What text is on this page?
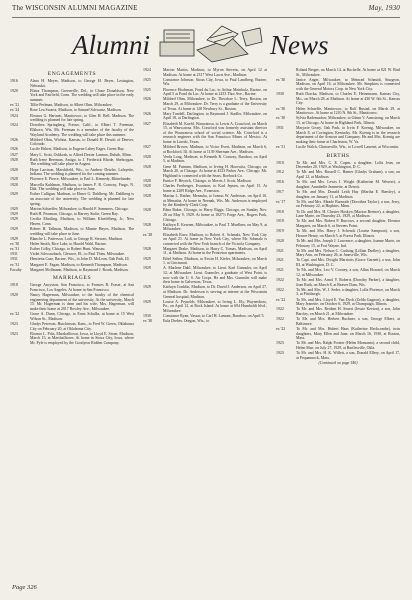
The WISCONSIN ALUMNI MAGAZINE	May, 1930
Alumni	News
ENGAGEMENTS
1916	Alma H. Meyer, Madison, to George H. Beyer, Lexington, Nebraska.
1920	Elinor Thompson, Greenville, Del., to Chase Donaldson, New York and Fairfield, Conn. The wedding will take place in the early summer.
ex '21	Tillie Perlman, Madison, to Albert Ohm, Milwaukee.
ex '24	Rose Lea Swartz, Madison, to Samuel Schwartz, Madison.
1924	Eleanor G. Hartnett, Manitowoc, to Glen H. Bell, Madison. The wedding is planned for late spring.
1924	Dorothea Springberg, Fresno, Calif., to Elbert T. Freeman, Elkhorn, Wis. Mr. Freeman is a member of the faculty of the Wayland Academy. The wedding will take place this summer.
1926	Mildred Obin, Wichita, Kansas, to Donald H. Dewitt of Denver, Colorado.
1926	Lucile Ebbert, Madison, to Eugene Labey Eager, Green Bay.
1927	Mary L. Scott, Oshkosh, to Alfred Dexter Lannon, Duluth, Minn.
1928	Ruth Irene Beerman, Antigo, to J. Frederick Rhode, Sheboygan. The wedding will take place in August.
1928	Hope Larrison, Marshfield, Wis., to Andrew Detzler, Lafayette, Indiana. The wedding is planned for the coming summer.
1928	Florence E. Pierce, Milwaukee, to Earl L. Kennedy, Rhinelander.
1928	Marcella Kuhlman, Madison, to James F. R. Conway, Fargo, N. Dak. The wedding will take place in June.
1929	Esther Culligan, Madison, to Elmer G. Dahlberg. Mr. Dahlberg is an associate of the university. The wedding is planned for late spring.
1929	Marion Schaeffer, Milwaukee, to Harold F. Sommers, Chicago.
1929	Ruth H. Pearman, Chicago, to Harvey Stolte, Green Bay.
1929	Cecilia Martling, Madison, to William Kloefelberg, Jr., New Haven, Conn.
1929	Robert H. Tallman, Madison, to Minnie Hayes, Madison. The wedding will take place in June.
1929	Blanche L. Patterson, Lodi, to George R. Stewart, Madison.
ex '30	Helen Smith, Rice Lake, to Harold Wahl, Racine.
ex '31	Esther Colby, Chicago, to Robert Hunt, Wausau.
1931	Violet Schwarzbach, Glencoe, Ill., to Paul Thim, Milwaukee.
1931	Henrietta Case, Racine, Wis., to John D. McLean, Oak Park, Ill.
ex '31	Margaret E. Fagan, Madison, to Kenneth Thompson, Madison.
Faculty Margaret Mollmann, Madison, to Raymond J. Roark, Madison.
MARRIAGES
1918	George Ancyston, San Francisco, to Frances B. Fraser, at San Francisco, Los Angeles. At home in San Francisco.
1920	Nancy Hagerman, Milwaukee, to the faculty of the chemical engineering department of the university. At the university, March 15. Mr. Hagerman is dean and his wife, Mrs. Hagerman, will make their home at 2017 Rowley Ave., Milwaukee.
ex '22	Grace A. Dunn, Chicago, to Ernst Schalks, at home at 15 West Wilson St., Madison.
1923	Gladys Peterson, Hutchinson, Kans., to Fred W. Green, Oklahoma City on February 20, at Oklahoma City.
1923	Eleanor L. Pitts, Marshalltown, Iowa, to Lloyd E. Stone, Madison, March 15, at Marshalltown. At home in Sioux City, Iowa, where Mr. Pyle is employed by the Goodyear Rubber Company.
1924	Marion Martin, Madison, to Myron Stevens, on April 12 at Madison. At home at 2317 West Lawn Ave., Madison.
1925	Constance Johnson, Sioux City, Iowa, to Paul Landberg, Racine, Wis.
1925	Florence Hochman, Fond du Lac, to Arthur Meinholz, Racine, on April 5 at Fond du Lac. At home at 2433 Thor Ave., Racine.
1926	Mildred Ohm, Milwaukee, to Dr. Theodore L. Terry, Boston, on March 29, at Milwaukee. Dr. Terry is a graduate of the University of Texas. At home at 128 Newbury St., Boston.
1926	Mary Tondell, Darlington, to Raymond J. Stadler, Milwaukee, on April 18, at Darlington.
1927	Elizabeth M. Kuehl, Wauwatosa, to Lewis A. Crawford, on March 15, at Wauwatosa. Mrs. Crawford was formerly assistant director of the Wauwatosa school of social science. Mr. Crawford is a research engineer with the San Francisco Mines of Mexico. At home in Laredo, Texas.
1927	Mildred Brown, Madison, to Victor Evert, Madison, on March 6, at Rockford, Ill. At home at 1139 Sherman Ave., Madison.
1928	Verda Long, Madison, to Kenneth R. Conway, Baraboo, on April 5, at Madison.
1928	Gene M. Putnam, Madison, to Irving H. Horowitz, Chicago, on March 20, at Chicago. At home at 4523 Parker Ave., Chicago. Mr. Highland is connected with the Sears, Roebuck Co.
1928	Eunice F. Heyrick, Chicago, to Morris J. Scott, Madison.
1928	Charles Freiberger, Evanston, to Karl Jepsen, on April 15. At home at 2209 Ridge Ave., Evanston.
1928	Marian L. Rather, Menasha, to Ivanus W. Anderson, on April 10, at Menasha. At home in Neenah, Wis. Mr. Anderson is employed by the Kimberly-Clark Corp.
1928	Edna Baker, Chicago, to Harry Riggs, Chicago, on Sunday Nov. 26 on May 9, 1929. At home at 1827½ Forge Ave., Rogers Park, Chicago.
1928	Kathryn E. Kerzner, Milwaukee, to Paul T. Muellner, on May 9, at Milwaukee.
ex '28	Elizabeth Eiser, Madison, to Robert A. Schmalz, New York City on April 21. At home in New York City, where Mr. Schmalz is connected with the New York branch of the Victrola Company.
1928	Margaret Drake, Madison, to Harry C. Tomas, Madison, on April 11, at Madison. At home in the Princeton apartments.
1929	Ethel Seiber, Madison, to Erwin H. Kiefer, Milwaukee, on March 1, at Cincinnati.
1929	A. Marlene Dahl, Milwaukee, to Lieut. Karl Gunnsler, on April 12, at Milwaukee. Lieut. Gunnsler, a graduate of West Point, is now with the U. S. Air Corps. He and Mrs. Gunnsler will make their home in Galveston, Texas.
1929	Kathryn Conklin, Madison, to Dr. David J. Anderson, on April 27, at Madison. Dr. Anderson is serving as interne at the Wisconsin General hospital, Madison.
1929	Louise A. Prynolds, Milwaukee, to Irving L. Ely, Waynesboro, Pa., on April 12, at Rock Island. At home at 694 Humboldt blvd., Milwaukee.
1930	Constance Ryan, Vassar, to Carl H. Lamont, Baraboo, on April 5.
ex '30	Eula Dreher, Oregon, Wis., to
Roland Berger, on March 14, at Rochelle. At home at 821 W. Bird St., Milwaukee.
ex '30	Janice Anger, Milwaukee, to Meinrad Schmidt, Sturgeon, Madison, on April 16, at Milwaukee. Mr. Simpkins is connected with the General Motors Corp. in New York City.
1930	Ruth Dracka, Madison, to Charles E. Heinemann, Kansas City, Mo., on March 28, at Madison. At home at 430 W. 6th St., Kansas City.
ex '30	Helen Schueffe, Manitowoc, to Rolf Bustad, on March 29, at Manitowoc. At home at 1210 N. 8th St., Manitowoc.
ex '30	Sylvia Rademacher, Milwaukee, to Glenn V. Armstrong, on March 15, at Chicago. At home in Highland Park, Illinois.
1931	Marjorie Geary, Oak Park, to Irvin F. Koenig, Milwaukee, on March 8, at Covington, Kentucky. Mr. Koenig is in the research department of the Armour and Company. He and Mrs. Koenig are making their home at Charleston, W. Va.
ex '31	Lucile Walch, Clintonville, Wis., to Lowell Laurent, at Wisconsin.
BIRTHS
1910	To Mr. and Mrs. C. E. Capen, a daughter, Lolla Jean, on December 20, 1929, at Washington, D. C.
1912	To Mr. and Mrs. Russell C. Hamer (Gladys Graham), a son, on April 12, at Madison.
1916	To Mr. and Mrs. Lewis J. Wright (Katherine M. Weaver), a daughter, Annabelle Jeannette, at Detroit.
1917	To Mr. and Mrs. Donald Leith Hay (Martha E. Baesley), a daughter, on January 11, at Madison.
ex '17	To Mr. and Mrs. Meade Burnside (Dorothea Taylor), a son, Jerry, on February 22, at Hopkins, Minn.
1918	To Dr. and Mrs. H. Chester Hoskyn (Marion Breiner), a daughter, Lane Marie, on Thursday 23, 1929, at Madison.
1918	To Mr. and Mrs. Robert P. Burrows, a second daughter, Eleanor Margaret, on March 6, at Stevens Point.
1919	To Mr. and Mrs. Harry J. Schenck (Louise Sampson), a son, Horace Henry, on March 5, at Forest Park, Illinois.
1920	To Mr. and Mrs. Joseph J. Lawrence, a daughter, Joanne Marie, on February 15, at Fort Wayne, Ind.
1921	To Mr. and Mrs. Nelson C. Cushing (Lillian Dudley), a daughter, Mary Ann, on February 26, at Janesville, Wis.
1921	To Capt. and Mrs. Dwight Marriotts (Grace Garnett), a son, John III, at Washington, D. C.
1921	To Mr. and Mrs. Leo V. Cooney, a son, Allan Howard, on March 12, at Milwaukee.
1922	To Mr. and Mrs. Arnol V. Roberts (Dorothy Parker), a daughter, Joan Ruth, on March 8, at Beaver Dam, Wis.
1922	To Mr. and Mrs. W. J. Seder, a daughter, Lolla Florence, on March 3, at Pittsburgh.
ex '22	To Mr. and Mrs. Lloyd E. Van Dyck (Zelda Gagnon), a daughter, Mary Jeanette, on October 6, 1929, at Champaign, Illinois.
1922	To Mr. and Mrs. Reuben H. Seuert (Jessie Keeton), a son, John Barclay, on March 21, at Milwaukee.
1922	To Mr. and Mrs. Herbert Buckner, a son, George Elbert, at Baltimore.
ex '22	To Mr. and Mrs. Hubert Haas (Katherine Heckcombe), twin daughters, Mary Ellen and Jane, on March 16, 1930, at Boston, Mass.
1923	To Mr. and Mrs. Ralph Forster (Helen Monsanto), a second child, Helen Mae, on July 27, 1929, at Bartlesville, Okla.
1923	To Mr. and Mrs. H. K. Willett, a son, Donald Ellery, on April 17, at Pequannock, Mass.
(Continued on page 340)
Page 326
